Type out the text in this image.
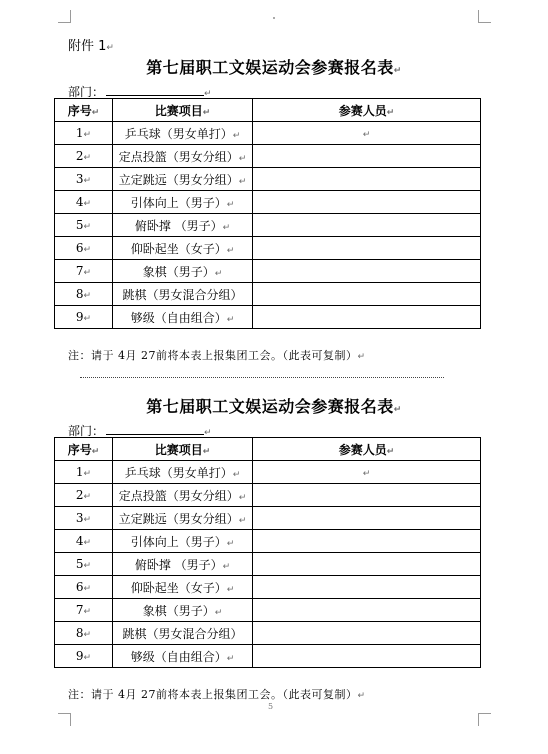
5
附件 1↵
第七届职工文娱运动会参赛报名表↵
部门：	↵
序号↵	比赛项目↵	参赛人员↵
1↵	乒乓球（男女单打）↵	↵
2↵	定点投篮（男女分组）↵	
3↵	立定跳远（男女分组）↵	
4↵	引体向上（男子）↵	
5↵	俯卧撑 （男子）↵	
6↵	仰卧起坐（女子）↵	
7↵	象棋（男子）↵	
8↵	跳棋（男女混合分组）	
9↵	够级（自由组合）↵	
注：请于 4月 27前将本表上报集团工会。（此表可复制）↵
第七届职工文娱运动会参赛报名表↵
部门：	↵
序号↵	比赛项目↵	参赛人员↵
1↵	乒乓球（男女单打）↵	↵
2↵	定点投篮（男女分组）↵	
3↵	立定跳远（男女分组）↵	
4↵	引体向上（男子）↵	
5↵	俯卧撑 （男子）↵	
6↵	仰卧起坐（女子）↵	
7↵	象棋（男子）↵	
8↵	跳棋（男女混合分组）	
9↵	够级（自由组合）↵	
注：请于 4月 27前将本表上报集团工会。（此表可复制）↵
